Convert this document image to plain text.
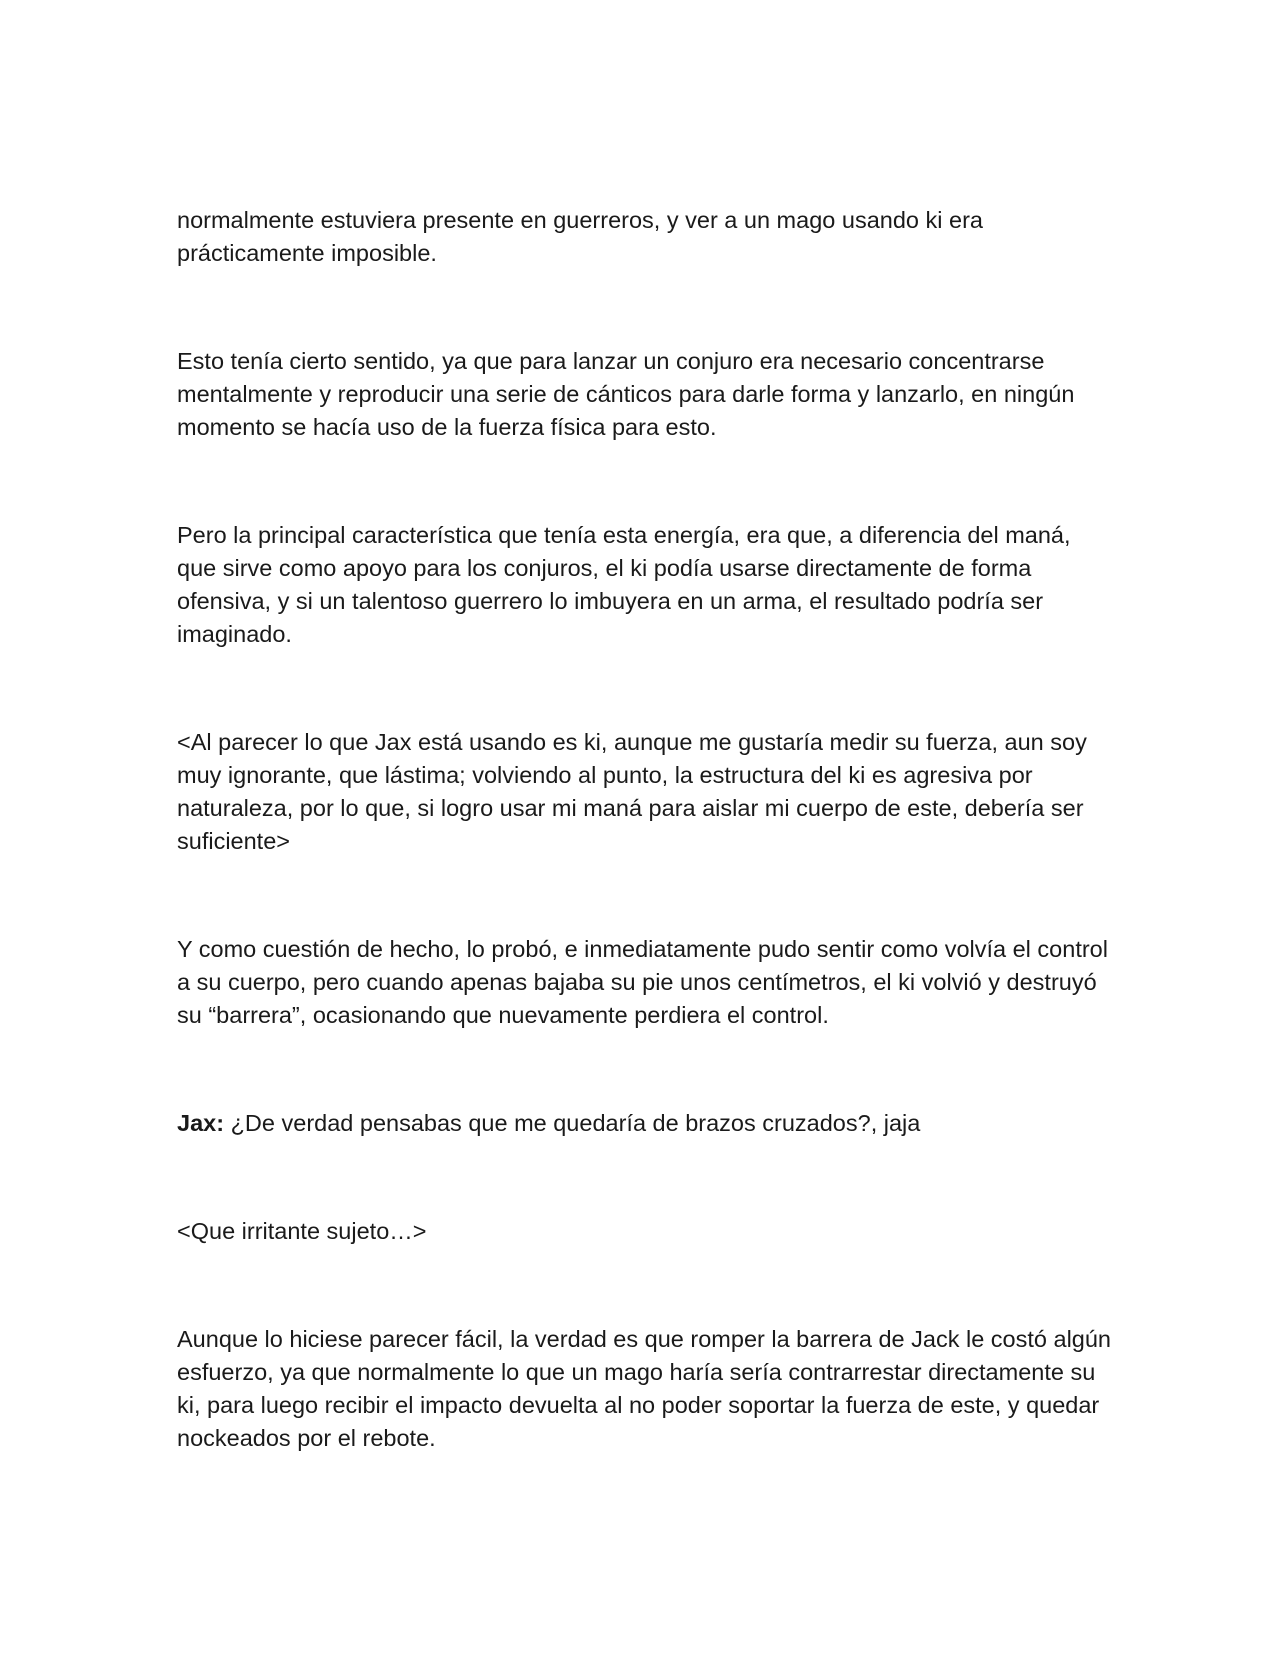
normalmente estuviera presente en guerreros, y ver a un mago usando ki era prácticamente imposible.

Esto tenía cierto sentido, ya que para lanzar un conjuro era necesario concentrarse mentalmente y reproducir una serie de cánticos para darle forma y lanzarlo, en ningún momento se hacía uso de la fuerza física para esto.

Pero la principal característica que tenía esta energía, era que, a diferencia del maná, que sirve como apoyo para los conjuros, el ki podía usarse directamente de forma ofensiva, y si un talentoso guerrero lo imbuyera en un arma, el resultado podría ser imaginado.

<Al parecer lo que Jax está usando es ki, aunque me gustaría medir su fuerza, aun soy muy ignorante, que lástima; volviendo al punto, la estructura del ki es agresiva por naturaleza, por lo que, si logro usar mi maná para aislar mi cuerpo de este, debería ser suficiente>

Y como cuestión de hecho, lo probó, e inmediatamente pudo sentir como volvía el control a su cuerpo, pero cuando apenas bajaba su pie unos centímetros, el ki volvió y destruyó su “barrera”, ocasionando que nuevamente perdiera el control.

Jax: ¿De verdad pensabas que me quedaría de brazos cruzados?, jaja

<Que irritante sujeto…>

Aunque lo hiciese parecer fácil, la verdad es que romper la barrera de Jack le costó algún esfuerzo, ya que normalmente lo que un mago haría sería contrarrestar directamente su ki, para luego recibir el impacto devuelta al no poder soportar la fuerza de este, y quedar nockeados por el rebote.
